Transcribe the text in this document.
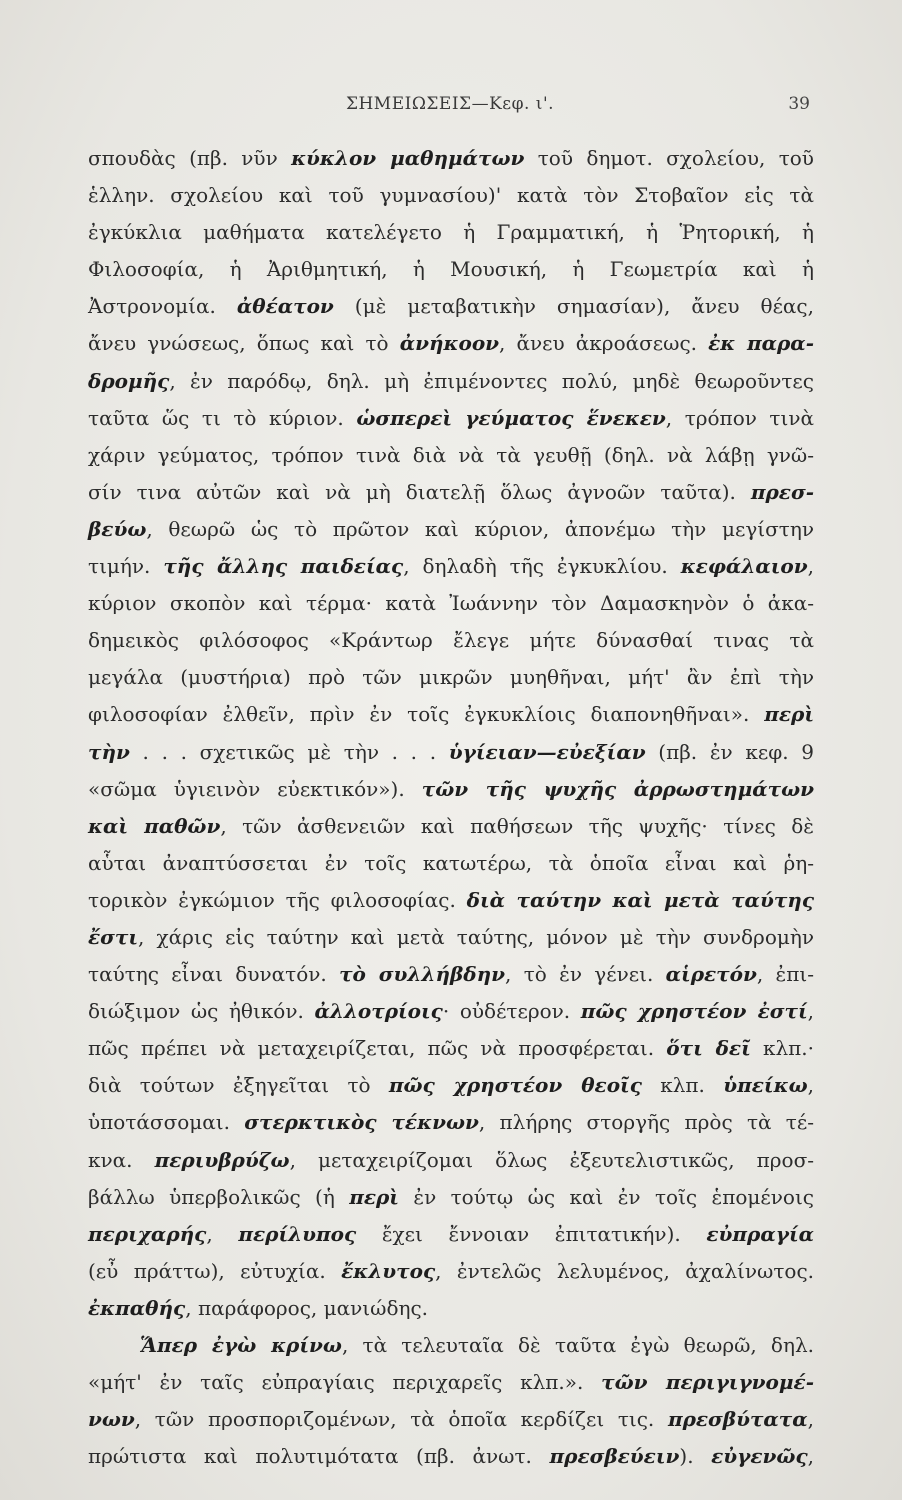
ΣΗΜΕΙΩΣΕΙΣ—Κεφ. ι'.	39
σπουδὰς (πβ. νῦν κύκλον μαθημάτων τοῦ δημοτ. σχολείου, τοῦ
ἑλλην. σχολείου καὶ τοῦ γυμνασίου)' κατὰ τὸν Στοβαῖον εἰς τὰ
ἐγκύκλια μαθήματα κατελέγετο ἡ Γραμματική, ἡ Ῥητορική, ἡ
Φιλοσοφία, ἡ Ἀριθμητική, ἡ Μουσική, ἡ Γεωμετρία καὶ ἡ
Ἀστρονομία. ἀθέατον (μὲ μεταβατικὴν σημασίαν), ἄνευ θέας,
ἄνευ γνώσεως, ὅπως καὶ τὸ ἀνήκοον, ἄνευ ἀκροάσεως. ἐκ παρα-
δρομῆς, ἐν παρόδῳ, δηλ. μὴ ἐπιμένοντες πολύ, μηδὲ θεωροῦντες
ταῦτα ὥς τι τὸ κύριον. ὡσπερεὶ γεύματος ἕνεκεν, τρόπον τινὰ
χάριν γεύματος, τρόπον τινὰ διὰ νὰ τὰ γευθῇ (δηλ. νὰ λάβῃ γνῶ-
σίν τινα αὐτῶν καὶ νὰ μὴ διατελῇ ὅλως ἀγνοῶν ταῦτα). πρεσ-
βεύω, θεωρῶ ὡς τὸ πρῶτον καὶ κύριον, ἀπονέμω τὴν μεγίστην
τιμήν. τῆς ἄλλης παιδείας, δηλαδὴ τῆς ἐγκυκλίου. κεφάλαιον,
κύριον σκοπὸν καὶ τέρμα· κατὰ Ἰωάννην τὸν Δαμασκηνὸν ὁ ἀκα-
δημεικὸς φιλόσοφος «Κράντωρ ἔλεγε μήτε δύνασθαί τινας τὰ
μεγάλα (μυστήρια) πρὸ τῶν μικρῶν μυηθῆναι, μήτ' ἂν ἐπὶ τὴν
φιλοσοφίαν ἐλθεῖν, πρὶν ἐν τοῖς ἐγκυκλίοις διαπονηθῆναι». περὶ
τὴν . . . σχετικῶς μὲ τὴν . . . ὑγίειαν—εὐεξίαν (πβ. ἐν κεφ. 9
«σῶμα ὑγιεινὸν εὐεκτικόν»). τῶν τῆς ψυχῆς ἀρρωστημάτων
καὶ παθῶν, τῶν ἀσθενειῶν καὶ παθήσεων τῆς ψυχῆς· τίνες δὲ
αὗται ἀναπτύσσεται ἐν τοῖς κατωτέρω, τὰ ὁποῖα εἶναι καὶ ῥη-
τορικὸν ἐγκώμιον τῆς φιλοσοφίας. διὰ ταύτην καὶ μετὰ ταύτης
ἔστι, χάρις εἰς ταύτην καὶ μετὰ ταύτης, μόνον μὲ τὴν συνδρομὴν
ταύτης εἶναι δυνατόν. τὸ συλλήβδην, τὸ ἐν γένει. αἱρετόν, ἐπι-
διώξιμον ὡς ἠθικόν. ἀλλοτρίοις· οὐδέτερον. πῶς χρηστέον ἐστί,
πῶς πρέπει νὰ μεταχειρίζεται, πῶς νὰ προσφέρεται. ὅτι δεῖ κλπ.·
διὰ τούτων ἐξηγεῖται τὸ πῶς χρηστέον θεοῖς κλπ. ὑπείκω,
ὑποτάσσομαι. στερκτικὸς τέκνων, πλήρης στοργῆς πρὸς τὰ τέ-
κνα. περιυβρύζω, μεταχειρίζομαι ὅλως ἐξευτελιστικῶς, προσ-
βάλλω ὑπερβολικῶς (ἡ περὶ ἐν τούτῳ ὡς καὶ ἐν τοῖς ἑπομένοις
περιχαρής, περίλυπος ἔχει ἔννοιαν ἐπιτατικήν). εὐπραγία
(εὖ πράττω), εὐτυχία. ἔκλυτος, ἐντελῶς λελυμένος, ἀχαλίνωτος.
ἐκπαθής, παράφορος, μανιώδης.
Ἅπερ ἐγὼ κρίνω, τὰ τελευταῖα δὲ ταῦτα ἐγὼ θεωρῶ, δηλ.
«μήτ' ἐν ταῖς εὐπραγίαις περιχαρεῖς κλπ.». τῶν περιγιγνομέ-
νων, τῶν προσποριζομένων, τὰ ὁποῖα κερδίζει τις. πρεσβύτατα,
πρώτιστα καὶ πολυτιμότατα (πβ. ἀνωτ. πρεσβεύειν). εὐγενῶς,
